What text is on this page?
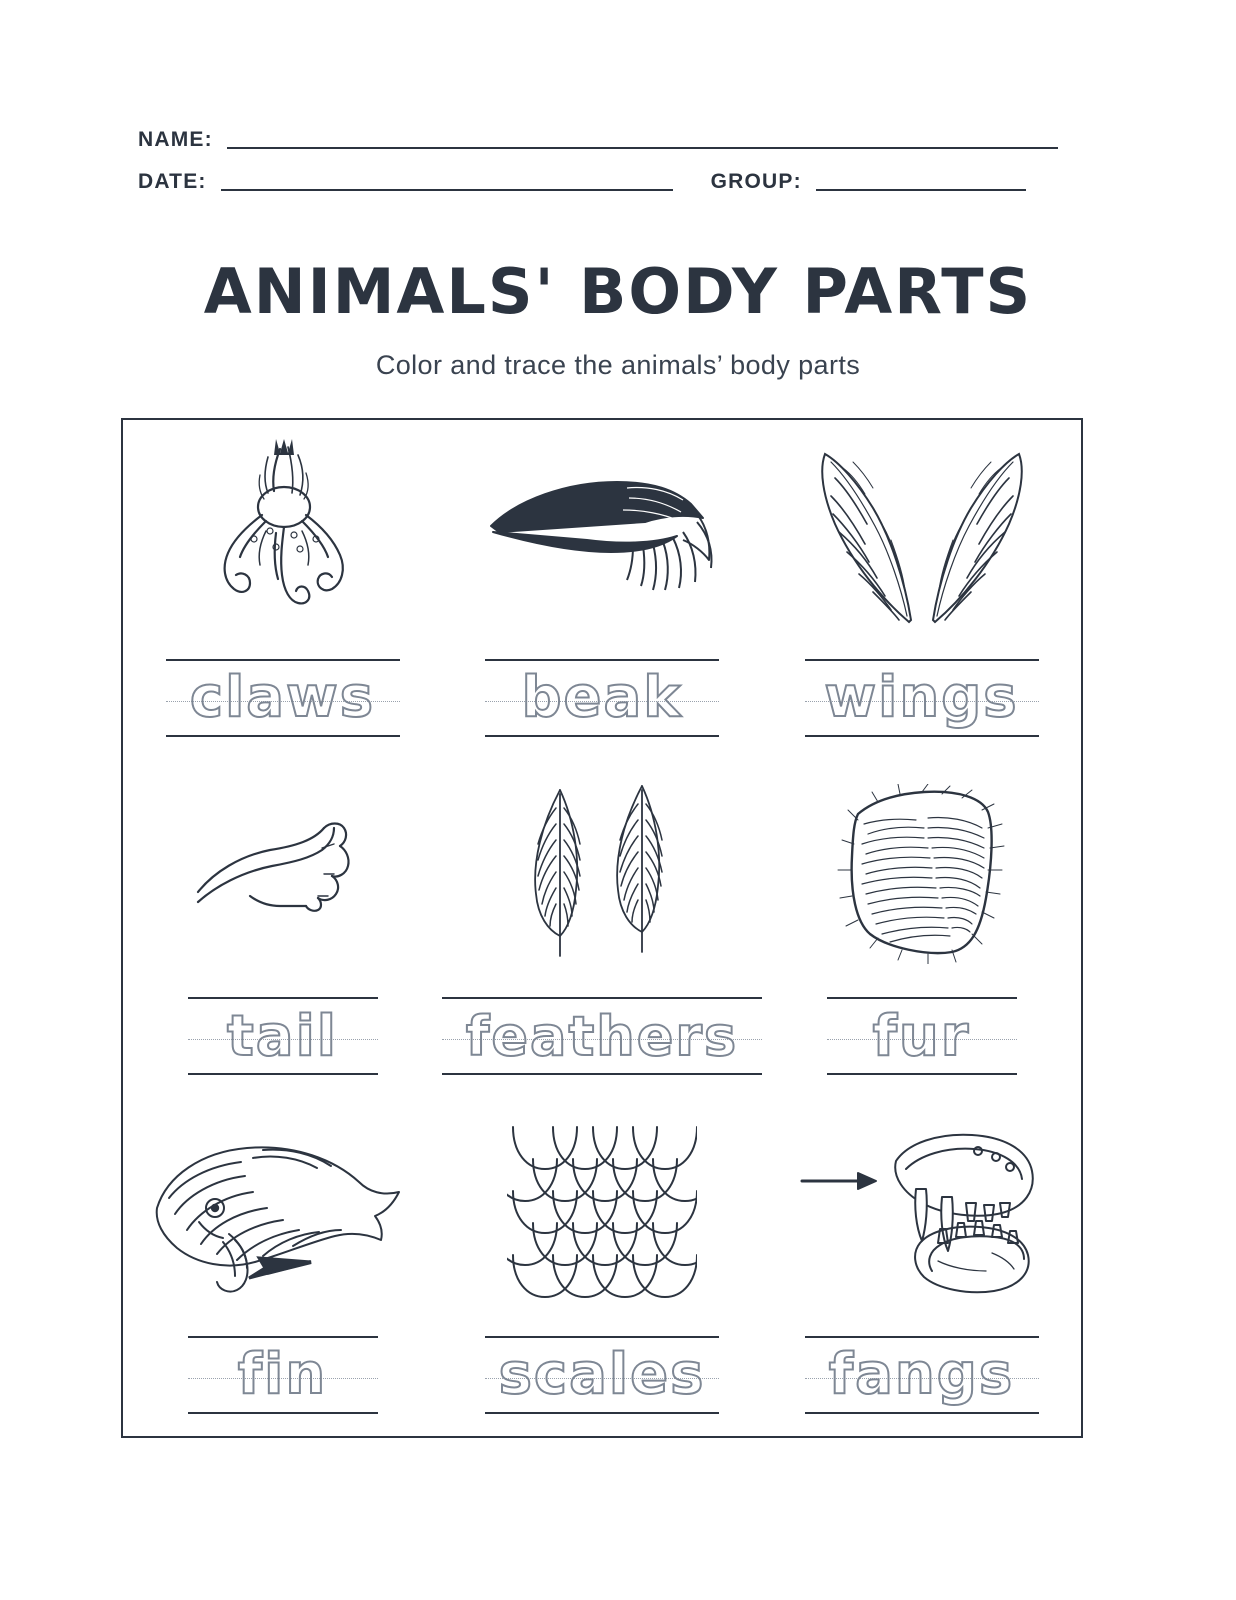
NAME:
DATE:	GROUP:
ANIMALS' BODY PARTS
Color and trace the animals’ body parts
claws	beak	wings
tail	feathers	fur
fin	scales	fangs
